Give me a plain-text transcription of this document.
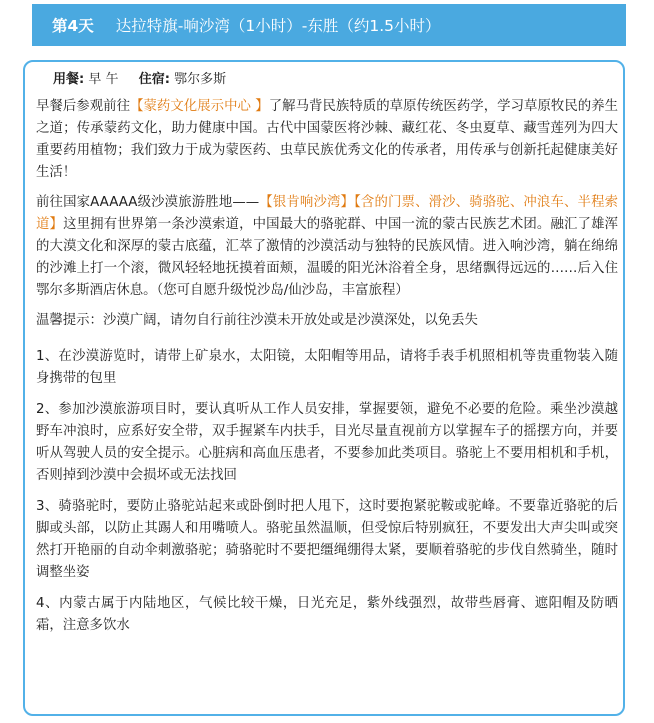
第4天 达拉特旗-响沙湾（1小时）-东胜（约1.5小时）
用餐: 早 午 住宿: 鄂尔多斯

早餐后参观前往【蒙药文化展示中心 】了解马背民族特质的草原传统医药学，学习草原牧民的养生之道；传承蒙药文化，助力健康中国。古代中国蒙医将沙棘、藏红花、冬虫夏草、藏雪莲列为四大重要药用植物；我们致力于成为蒙医药、虫草民族优秀文化的传承者，用传承与创新托起健康美好生活！

前往国家AAAAA级沙漠旅游胜地——【银肯响沙湾】【含的门票、滑沙、骑骆驼、冲浪车、半程索道】这里拥有世界第一条沙漠索道，中国最大的骆驼群、中国一流的蒙古民族艺术团。融汇了雄浑的大漠文化和深厚的蒙古底蕴，汇萃了激情的沙漠活动与独特的民族风情。进入响沙湾，躺在绵绵的沙滩上打一个滚，微风轻轻地抚摸着面颊，温暖的阳光沐浴着全身，思绪飘得远远的……后入住鄂尔多斯酒店休息。（您可自愿升级悦沙岛/仙沙岛，丰富旅程）

温馨提示：沙漠广阔，请勿自行前往沙漠未开放处或是沙漠深处，以免丢失

1、在沙漠游览时，请带上矿泉水，太阳镜，太阳帽等用品，请将手表手机照相机等贵重物装入随身携带的包里

2、参加沙漠旅游项目时，要认真听从工作人员安排，掌握要领，避免不必要的危险。乘坐沙漠越野车冲浪时，应系好安全带，双手握紧车内扶手，目光尽量直视前方以掌握车子的摇摆方向，并要听从驾驶人员的安全提示。心脏病和高血压患者，不要参加此类项目。骆驼上不要用相机和手机，否则掉到沙漠中会损坏或无法找回

3、骑骆驼时，要防止骆驼站起来或卧倒时把人甩下，这时要抱紧驼鞍或驼峰。不要靠近骆驼的后脚或头部，以防止其踢人和用嘴喷人。骆驼虽然温顺，但受惊后特别疯狂，不要发出大声尖叫或突然打开艳丽的自动伞刺激骆驼；骑骆驼时不要把缰绳绷得太紧，要顺着骆驼的步伐自然骑坐，随时调整坐姿

4、内蒙古属于内陆地区，气候比较干燥，日光充足，紫外线强烈，故带些唇膏、遮阳帽及防晒霜，注意多饮水
